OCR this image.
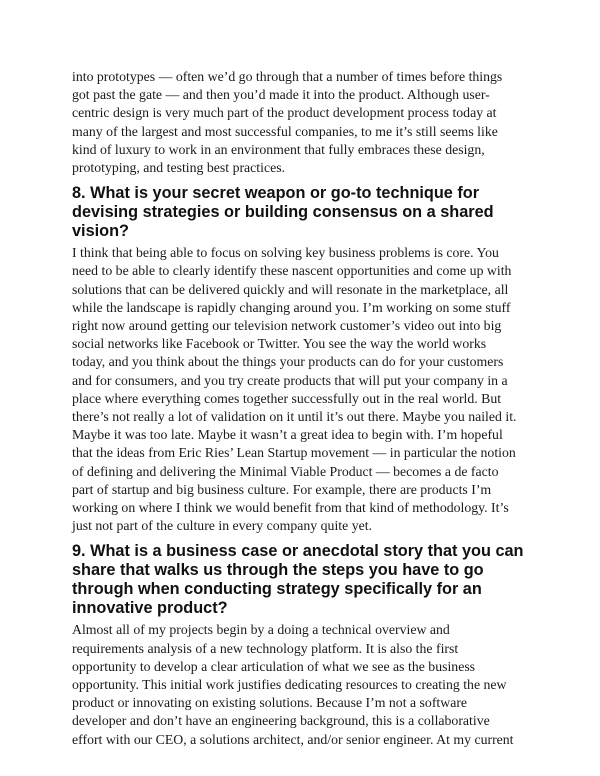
into prototypes — often we’d go through that a number of times before things
got past the gate — and then you’d made it into the product. Although user-
centric design is very much part of the product development process today at
many of the largest and most successful companies, to me it’s still seems like
kind of luxury to work in an environment that fully embraces these design,
prototyping, and testing best practices.

8. What is your secret weapon or go-to technique for
devising strategies or building consensus on a shared
vision?

I think that being able to focus on solving key business problems is core. You
need to be able to clearly identify these nascent opportunities and come up with
solutions that can be delivered quickly and will resonate in the marketplace, all
while the landscape is rapidly changing around you. I’m working on some stuff
right now around getting our television network customer’s video out into big
social networks like Facebook or Twitter. You see the way the world works
today, and you think about the things your products can do for your customers
and for consumers, and you try create products that will put your company in a
place where everything comes together successfully out in the real world. But
there’s not really a lot of validation on it until it’s out there. Maybe you nailed it.
Maybe it was too late. Maybe it wasn’t a great idea to begin with. I’m hopeful
that the ideas from Eric Ries’ Lean Startup movement — in particular the notion
of defining and delivering the Minimal Viable Product — becomes a de facto
part of startup and big business culture. For example, there are products I’m
working on where I think we would benefit from that kind of methodology. It’s
just not part of the culture in every company quite yet.

9. What is a business case or anecdotal story that you can
share that walks us through the steps you have to go
through when conducting strategy specifically for an
innovative product?

Almost all of my projects begin by a doing a technical overview and
requirements analysis of a new technology platform. It is also the first
opportunity to develop a clear articulation of what we see as the business
opportunity. This initial work justifies dedicating resources to creating the new
product or innovating on existing solutions. Because I’m not a software
developer and don’t have an engineering background, this is a collaborative
effort with our CEO, a solutions architect, and/or senior engineer. At my current
